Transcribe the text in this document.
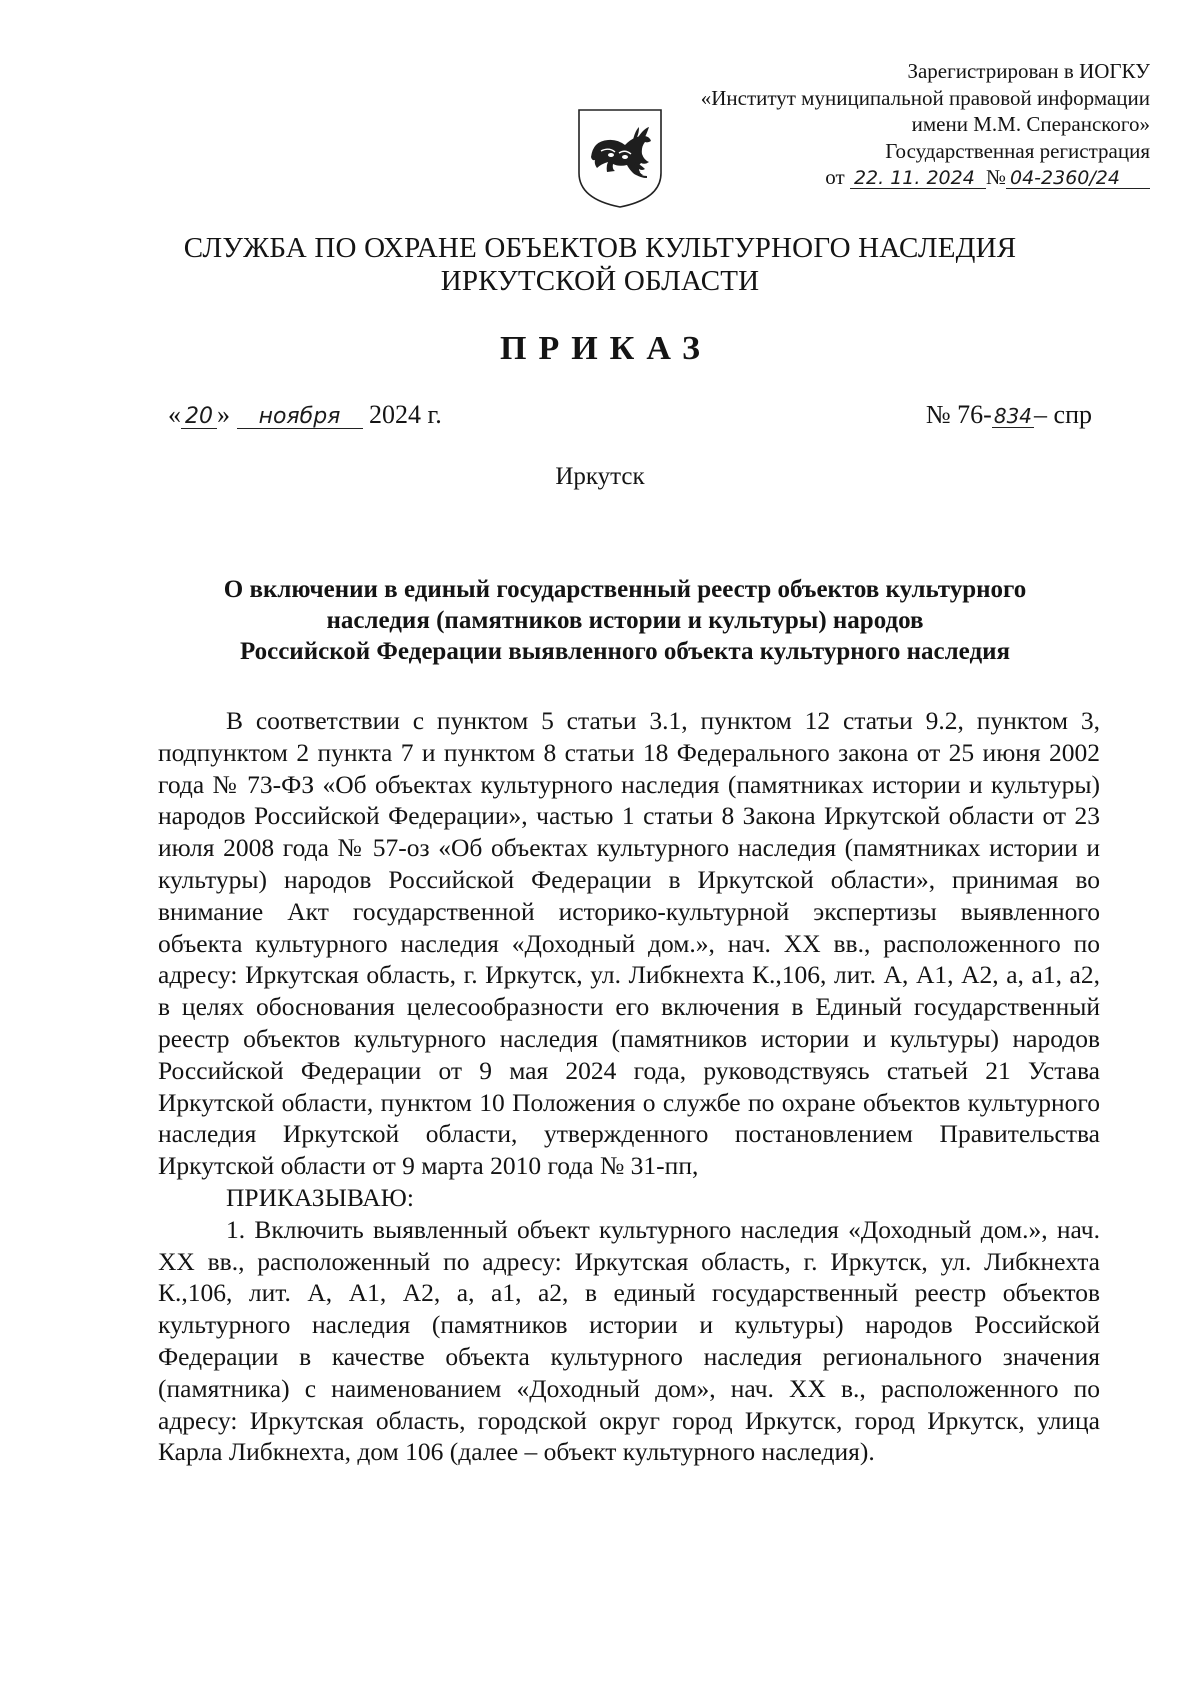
Зарегистрирован в ИОГКУ
«Институт муниципальной правовой информации
имени М.М. Сперанского»
Государственная регистрация
от 22. 11. 2024 № 04-2360/24
СЛУЖБА ПО ОХРАНЕ ОБЪЕКТОВ КУЛЬТУРНОГО НАСЛЕДИЯ
ИРКУТСКОЙ ОБЛАСТИ
ПРИКАЗ
« 20 » ноября 2024 г.	№ 76- 834– спр
Иркутск
О включении в единый государственный реестр объектов культурного
наследия (памятников истории и культуры) народов
Российской Федерации выявленного объекта культурного наследия

В соответствии с пунктом 5 статьи 3.1, пунктом 12 статьи 9.2, пунктом 3, подпунктом 2 пункта 7 и пунктом 8 статьи 18 Федерального закона от 25 июня 2002 года № 73-ФЗ «Об объектах культурного наследия (памятниках истории и культуры) народов Российской Федерации», частью 1 статьи 8 Закона Иркутской области от 23 июля 2008 года № 57-оз «Об объектах культурного наследия (памятниках истории и культуры) народов Российской Федерации в Иркутской области», принимая во внимание Акт государственной историко-культурной экспертизы выявленного объекта культурного наследия «Доходный дом.», нач. XX вв., расположенного по адресу: Иркутская область, г. Иркутск, ул. Либкнехта К.,106, лит. А, А1, А2, а, а1, а2, в целях обоснования целесообразности его включения в Единый государственный реестр объектов культурного наследия (памятников истории и культуры) народов Российской Федерации от 9 мая 2024 года, руководствуясь статьей 21 Устава Иркутской области, пунктом 10 Положения о службе по охране объектов культурного наследия Иркутской области, утвержденного постановлением Правительства Иркутской области от 9 марта 2010 года № 31-пп,

ПРИКАЗЫВАЮ:

1. Включить выявленный объект культурного наследия «Доходный дом.», нач. XX вв., расположенный по адресу: Иркутская область, г. Иркутск, ул. Либкнехта К.,106, лит. А, А1, А2, а, а1, а2, в единый государственный реестр объектов культурного наследия (памятников истории и культуры) народов Российской Федерации в качестве объекта культурного наследия регионального значения (памятника) с наименованием «Доходный дом», нач. XX в., расположенного по адресу: Иркутская область, городской округ город Иркутск, город Иркутск, улица Карла Либкнехта, дом 106 (далее – объект культурного наследия).
